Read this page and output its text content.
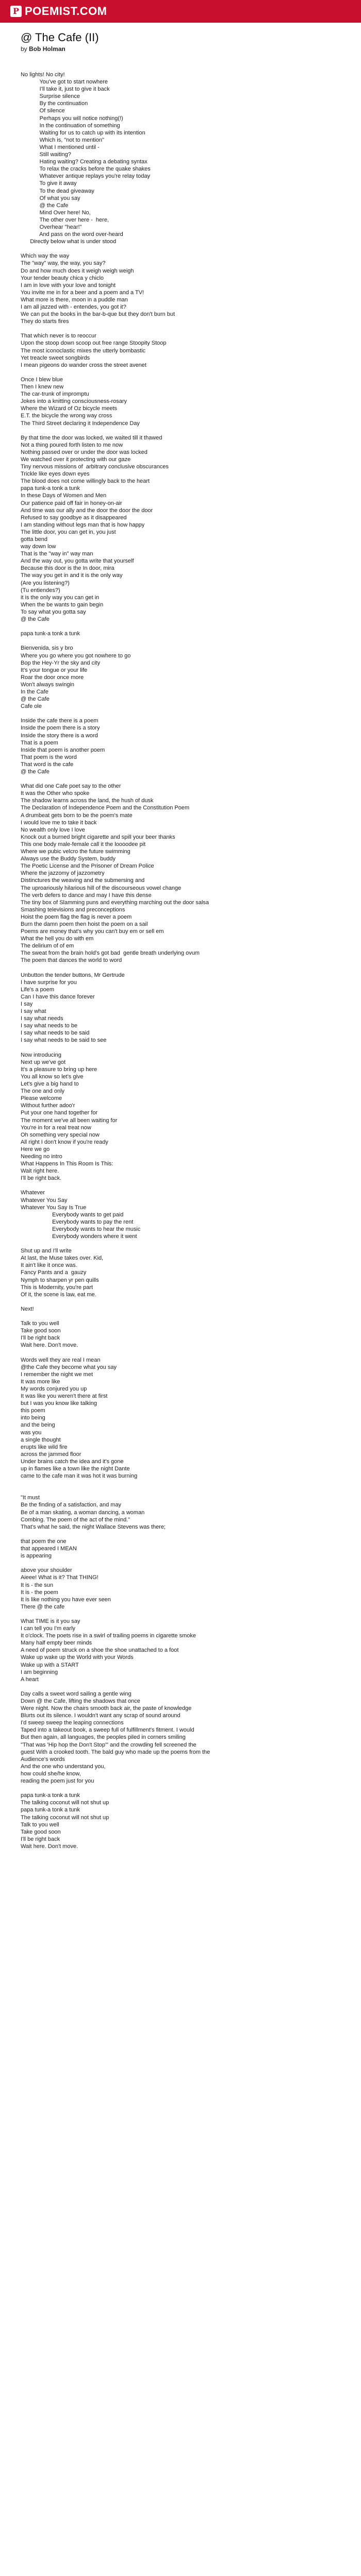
P POEMIST.COM
@ The Cafe (II)
by Bob Holman
No lights! No city!
You've got to start nowhere
I'll take it, just to give it back
Surprise silence
By the continuation
Of silence
Perhaps you will notice nothing(!)
In the continuation of something
Waiting for us to catch up with its intention
Which is, "not to mention"
What I mentioned until -
Still waiting?
Hating waiting? Creating a debating syntax
To relax the cracks before the quake shakes
Whatever antique replays you're relay today
To give it away
To the dead giveaway
Of what you say
@ the Cafe
Mind Over here! No,
The other over here -  here,
Overhear "hear!"
And pass on the word over-heard
Directly below what is under stood
Which way the way
The "way" way, the way, you say?
Do and how much does it weigh weigh weigh
Your tender beauty chica y chiclo
I am in love with your love and tonight
You invite me in for a beer and a poem and a TV!
What more is there, moon in a puddle man
I am all jazzed with - entendes, you got it?
We can put the books in the bar-b-que but they don't burn but
They do starts fires
That which never is to reoccur
Upon the stoop down scoop out free range Stoopity Stoop
The most iconoclastic mixes the utterly bombastic
Yet treacle sweet songbirds
I mean pigeons do wander cross the street avenet
Once I blew blue
Then I knew new
The car-trunk of impromptu
Jokes into a knitting consciousness-rosary
Where the Wizard of Oz bicycle meets
E.T. the bicycle the wrong way cross
The Third Street declaring it Independence Day
By that time the door was locked, we waited till it thawed
Not a thing poured forth listen to me now
Nothing passed over or under the door was locked
We watched over it protecting with our gaze
Tiny nervous missions of  arbitrary conclusive obscurances
Trickle like eyes down eyes
The blood does not come willingly back to the heart
papa tunk-a tonk a tunk
In these Days of Women and Men
Our patience paid off fair in honey-on-air
And time was our ally and the door the door the door
Refused to say goodbye as it disappeared
I am standing without legs man that is how happy
The little door, you can get in, you just
gotta bend
way down low
That is the "way in" way man
And the way out, you gotta write that yourself
Because this door is the In door, mira
The way you get in and it is the only way
(Are you listening?)
(Tu entiendes?)
it is the only way you can get in
When the be wants to gain begin
To say what you gotta say
@ the Cafe
papa tunk-a tonk a tunk
Bienvenida, sis y bro
Where you go where you got nowhere to go
Bop the Hey-Yr the sky and city
It's your tongue or your life
Roar the door once more
Won't always swingin
In the Cafe
@ the Cafe
Cafe ole
Inside the cafe there is a poem
Inside the poem there is a story
Inside the story there is a word
That is a poem
Inside that poem is another poem
That poem is the word
That word is the cafe
@ the Cafe
What did one Cafe poet say to the other
It was the Other who spoke
The shadow learns across the land, the hush of dusk
The Declaration of Independence Poem and the Constitution Poem
A drumbeat gets born to be the poem's mate
I would love me to take it back
No wealth only love I love
Knock out a burned bright cigarette and spill your beer thanks
This one body male-female call it the loooodee pit
Where we pubic velcro the future swimming
Always use the Buddy System, buddy
The Poetic License and the Prisoner of Dream Police
Where the jazzomy of jazzometry
Distinctures the weaving and the submersing and
The uproariously hilarious hill of the discourseous vowel change
The verb defers to dance and may I have this dense
The tiny box of Slamming puns and everything marching out the door salsa
Smashing televisions and preconceptions
Hoist the poem flag the flag is never a poem
Burn the damn poem then hoist the poem on a sail
Poems are money that's why you can't buy em or sell em
What the hell you do with em
The delirium of of em
The sweat from the brain hold's got bad  gentle breath underlying ovum
The poem that dances the world to word
Unbutton the tender buttons, Mr Gertrude
I have surprise for you
Life's a poem
Can I have this dance forever
I say
I say what
I say what needs
I say what needs to be
I say what needs to be said
I say what needs to be said to see
Now introducing
Next up we've got
It's a pleasure to bring up here
You all know so let's give
Let's give a big hand to
The one and only
Please welcome
Without further adoo'r
Put your one hand together for
The moment we've all been waiting for
You're in for a real treat now
Oh something very special now
All right I don't know if you're ready
Here we go
Needing no intro
What Happens In This Room Is This:
Wait right here.
I'll be right back.
Whatever
Whatever You Say
Whatever You Say Is True
Everybody wants to get paid
Everybody wants to pay the rent
Everybody wants to hear the music
Everybody wonders where it went
Shut up and I'll write
At last, the Muse takes over. Kid,
It ain't like it once was.
Fancy Pants and a  gauzy
Nymph to sharpen yr pen quills
This is Modernity, you're part
Of it, the scene is law, eat me.
Next!
Talk to you well
Take good soon
I'll be right back
Wait here. Don't move.
Words well they are real I mean
@the Cafe they become what you say
I remember the night we met
It was more like
My words conjured you up
It was like you weren't there at first
but I was you know like talking
this poem
into being
and the being
was you
a single thought
erupts like wild fire
across the jammed floor
Under brains catch the idea and it's gone
up in flames like a town like the night Dante
came to the cafe man it was hot it was burning
"It must
Be the finding of a satisfaction, and may
Be of a man skating, a woman dancing, a woman
Combing. The poem of the act of the mind."
That's what he said, the night Wallace Stevens was there;
that poem the one
that appeared I MEAN
is appearing
above your shoulder
Aieee! What is it? That THING!
It is - the sun
It is - the poem
It is like nothing you have ever seen
There @ the cafe
What TIME is it you say
I can tell you I'm early
It o'clock. The poets rise in a swirl of trailing poems in cigarette smoke
Many half empty beer minds
A need of poem struck on a shoe the shoe unattached to a foot
Wake up wake up the World with your Words
Wake up with a START
I am beginning
A heart
Day calls a sweet word sailing a gentle wing
Down @ the Cafe, lifting the shadows that once
Were night. Now the chairs smooth back air, the paste of knowledge
Blurts out its silence. I wouldn't want any scrap of sound around
I'd sweep sweep the leaping connections
Taped into a takeout book, a sweep full of fulfillment's fitment. I would
But then again, all languages, the peoples piled in corners smiling
"That was 'Hip hop the Don't Stop'" and the crowding fell screened the
guest With a crooked tooth. The bald guy who made up the poems from the
Audience's words
And the one who understand you,
how could she/he know,
reading the poem just for you
papa tunk-a tonk a tunk
The talking coconut will not shut up
papa tunk-a tonk a tunk
The talking coconut will not shut up
Talk to you well
Take good soon
I'll be right back
Wait here. Don't move.
